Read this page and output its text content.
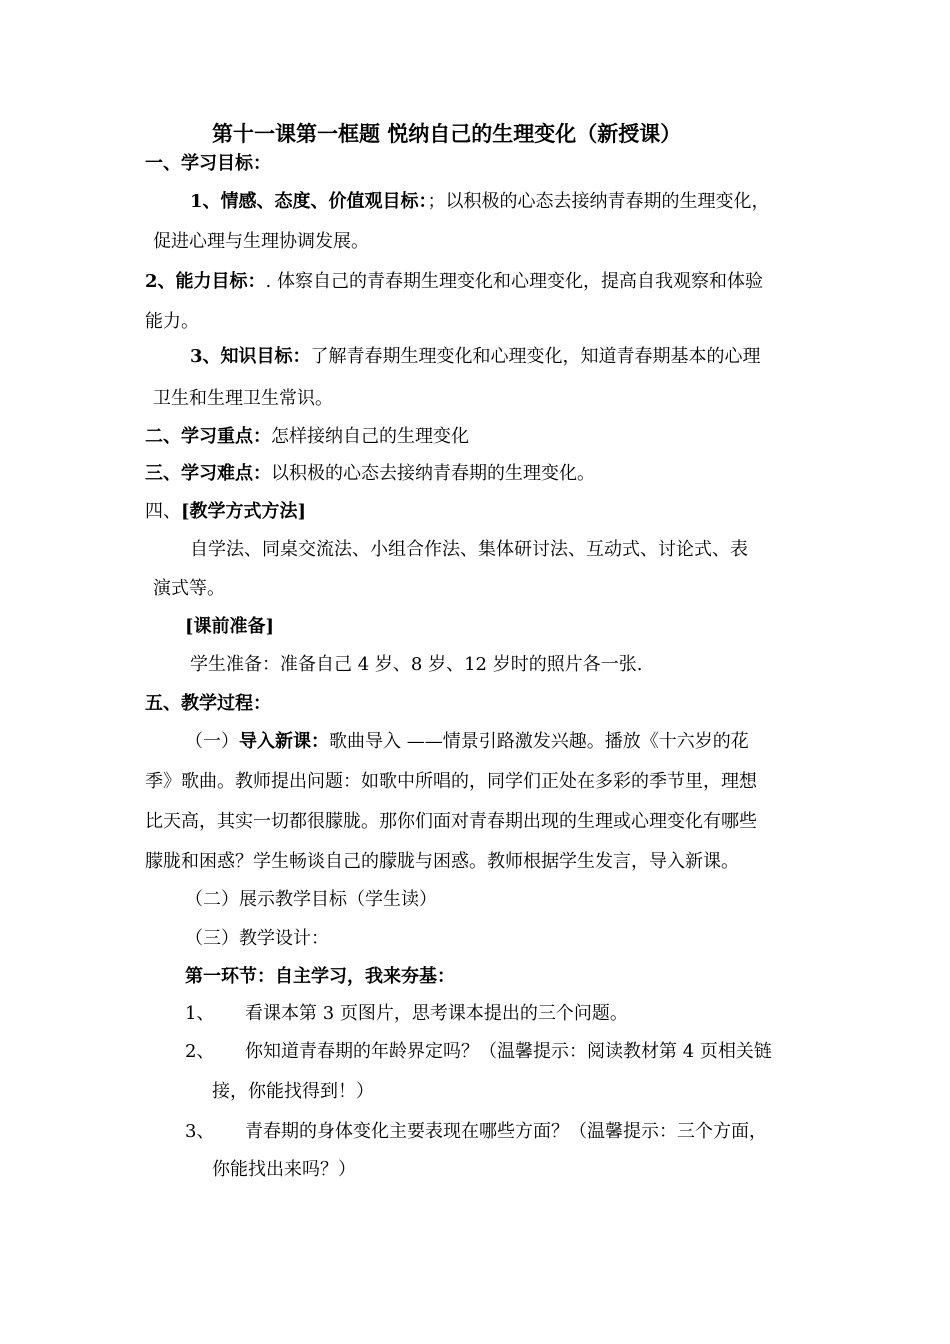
第十一课第一框题 悦纳自己的生理变化（新授课）
一、学习目标：
1、情感、态度、价值观目标：；以积极的心态去接纳青春期的生理变化，
促进心理与生理协调发展。
2、能力目标：. 体察自己的青春期生理变化和心理变化，提高自我观察和体验
能力。
3、知识目标：了解青春期生理变化和心理变化，知道青春期基本的心理
卫生和生理卫生常识。
二、学习重点：怎样接纳自己的生理变化
三、学习难点：以积极的心态去接纳青春期的生理变化。
四、[教学方式方法]
自学法、同桌交流法、小组合作法、集体研讨法、互动式、讨论式、表
演式等。
[课前准备]
学生准备：准备自己 4 岁、8 岁、12 岁时的照片各一张.
五、教学过程：
（一）导入新课：歌曲导入 ——情景引路激发兴趣。播放《十六岁的花
季》歌曲。教师提出问题：如歌中所唱的，同学们正处在多彩的季节里，理想
比天高，其实一切都很朦胧。那你们面对青春期出现的生理或心理变化有哪些
朦胧和困惑？学生畅谈自己的朦胧与困惑。教师根据学生发言，导入新课。
（二）展示教学目标（学生读）
（三）教学设计：
第一环节：自主学习，我来夯基：
1、 看课本第 3 页图片，思考课本提出的三个问题。
2、 你知道青春期的年龄界定吗？（温馨提示：阅读教材第 4 页相关链
接，你能找得到！）
3、 青春期的身体变化主要表现在哪些方面？（温馨提示：三个方面，
你能找出来吗？）
